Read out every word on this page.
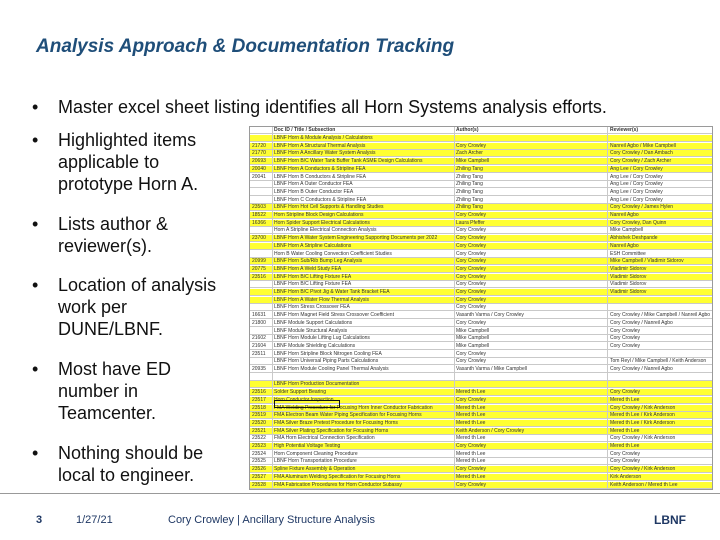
Analysis Approach & Documentation Tracking
•	Master excel sheet listing identifies all Horn Systems analysis efforts.
•	Highlighted items
applicable to
prototype Horn A.
•	Lists author &
reviewer(s).
•	Location of analysis
work per
DUNE/LBNF.
•	Most have ED
number in
Teamcenter.
•	Nothing should be
local to engineer.
Doc ID / Title / Subsection	Author(s)	Reviewer(s)
LBNF Horn & Module Analysis / Calculations
21720	LBNF Horn A Structural Thermal Analysis	Cory Crowley	Nanreil Agbo / Mike Campbell
21770	LBNF Horn A Ancillary Water System Analysis	Zach Archer	Cory Crowley / Dan Ambach
20693	LBNF Horn B/C Water Tank Buffer Tank ASME Design Calculations	Mike Campbell	Cory Crowley / Zach Archer
20040	LBNF Horn A Conductors & Stripline FEA	Zhiling Tang	Ang Lee / Cory Crowley
20041	LBNF Horn B Conductors & Stripline FEA	Zhiling Tang	Ang Lee / Cory Crowley
LBNF Horn A Outer Conductor FEA	Zhiling Tang	Ang Lee / Cory Crowley
LBNF Horn B Outer Conductor FEA	Zhiling Tang	Ang Lee / Cory Crowley
LBNF Horn C Conductors & Stripline FEA	Zhiling Tang	Ang Lee / Cory Crowley
23503	LBNF Horn Hot Cell Supports & Handling Studies	Zhiling Tang	Cory Crowley / James Hylen
18522	Horn Stripline Block Design Calculations	Cory Crowley	Nanreil Agbo
16366	Horn Spider Support Electrical Calculations	Laura Pfeffer	Cory Crowley, Dan Quinn
Horn A Stripline Electrical Connection Analysis	Cory Crowley	Mike Campbell
23700	LBNF Horn A Water System Engineering Supporting Documents per 2022	Cory Crowley	Abhishek Deshpande
LBNF Horn A Stripline Calculations	Cory Crowley	Nanreil Agbo
Horn B Water Cooling Convection Coefficient Studies	Cory Crowley	ESH Committee
20999	LBNF Horn Sub/Rib Bump Leg Analysis	Cory Crowley	Mike Campbell / Vladimir Sidorov
20775	LBNF Horn A Weld Study FEA	Cory Crowley	Vladimir Sidorov
23516	LBNF Horn B/C Lifting Fixture FEA	Cory Crowley	Vladimir Sidorov
LBNF Horn B/C Lifting Fixture FEA	Cory Crowley	Vladimir Sidorov
LBNF Horn B/C Pivot Jig & Water Tank Bracket FEA	Cory Crowley	Vladimir Sidorov
LBNF Horn A Water Flow Thermal Analysis	Cory Crowley
LBNF Horn Stress Crossover FEA	Cory Crowley
16631	LBNF Horn Magnet Field Stress Crossover Coefficient	Vasanth Varma / Cory Crowley	Cory Crowley / Mike Campbell / Nanreil Agbo
21800	LBNF Module Support Calculations	Cory Crowley	Cory Crowley / Nanreil Agbo
LBNF Module Structural Analysis	Mike Campbell	Cory Crowley
21602	LBNF Horn Module Lifting Lug Calculations	Mike Campbell	Cory Crowley
21604	LBNF Module Shielding Calculations	Mike Campbell	Cory Crowley
23511	LBNF Horn Stripline Block Nitrogen Cooling FEA	Cory Crowley
LBNF Horn Universal Piping Parts Calculations	Cory Crowley	Tom Reyl / Mike Campbell / Keith Anderson
20935	LBNF Horn Module Cooling Panel Thermal Analysis	Vasanth Varma / Mike Campbell	Cory Crowley / Nanreil Agbo
LBNF Horn Production Documentation
23516	Solder Support Bearing	Mered th Lee	Cory Crowley
23517	Horn Conductor Inspection	Cory Crowley	Mered th Lee
23518	FMA Welding Procedure for Focusing Horn Inner Conductor Fabrication	Mered th Lee	Cory Crowley / Kirk Anderson
23519	FMA Electron Beam Water Piping Specification for Focusing Horns	Mered th Lee	Mered th Lee / Kirk Anderson
23520	FMA Silver Braze Pretest Procedure for Focusing Horns	Mered th Lee	Mered th Lee / Kirk Anderson
23521	FMA Silver Plating Specification for Focusing Horns	Keith Anderson / Cory Crowley	Mered th Lee
23522	FMA Horn Electrical Connection Specification	Mered th Lee	Cory Crowley / Kirk Anderson
23523	High Potential Voltage Testing	Cory Crowley	Mered th Lee
23524	Horn Component Cleaning Procedure	Mered th Lee	Cory Crowley
23525	LBNF Horn Transportation Procedure	Mered th Lee	Cory Crowley
23526	Spline Fixture Assembly & Operation	Cory Crowley	Cory Crowley / Kirk Anderson
23527	FMA Aluminum Welding Specification for Focusing Horns	Mered th Lee	Kirk Anderson
23528	FMA Fabrication Procedures for Horn Conductor Subassy	Cory Crowley	Keith Anderson / Mered th Lee
3	1/27/21	Cory Crowley | Ancillary Structure Analysis	LBNF
